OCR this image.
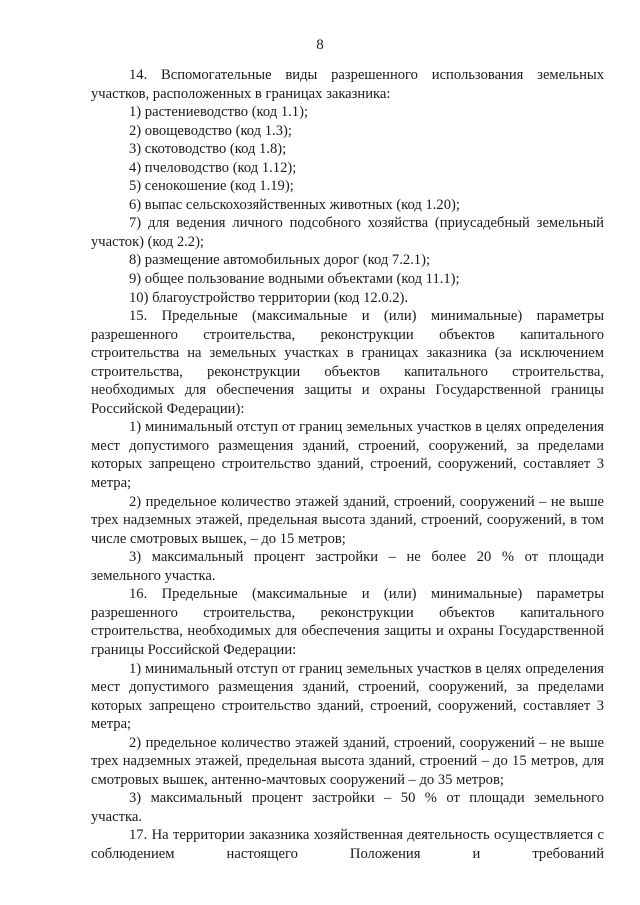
8

14. Вспомогательные виды разрешенного использования земельных участков, расположенных в границах заказника:

1) растениеводство (код 1.1);

2) овощеводство (код 1.3);

3) скотоводство (код 1.8);

4) пчеловодство (код 1.12);

5) сенокошение (код 1.19);

6) выпас сельскохозяйственных животных (код 1.20);

7) для ведения личного подсобного хозяйства (приусадебный земельный участок) (код 2.2);

8) размещение автомобильных дорог (код 7.2.1);

9) общее пользование водными объектами (код 11.1);

10) благоустройство территории (код 12.0.2).

15. Предельные (максимальные и (или) минимальные) параметры разрешенного строительства, реконструкции объектов капитального строительства на земельных участках в границах заказника (за исключением строительства, реконструкции объектов капитального строительства, необходимых для обеспечения защиты и охраны Государственной границы Российской Федерации):

1) минимальный отступ от границ земельных участков в целях определения мест допустимого размещения зданий, строений, сооружений, за пределами которых запрещено строительство зданий, строений, сооружений, составляет 3 метра;

2) предельное количество этажей зданий, строений, сооружений – не выше трех надземных этажей, предельная высота зданий, строений, сооружений, в том числе смотровых вышек, – до 15 метров;

3) максимальный процент застройки – не более 20 % от площади земельного участка.

16. Предельные (максимальные и (или) минимальные) параметры разрешенного строительства, реконструкции объектов капитального строительства, необходимых для обеспечения защиты и охраны Государственной границы Российской Федерации:

1) минимальный отступ от границ земельных участков в целях определения мест допустимого размещения зданий, строений, сооружений, за пределами которых запрещено строительство зданий, строений, сооружений, составляет 3 метра;

2) предельное количество этажей зданий, строений, сооружений – не выше трех надземных этажей, предельная высота зданий, строений – до 15 метров, для смотровых вышек, антенно-мачтовых сооружений – до 35 метров;

3) максимальный процент застройки – 50 % от площади земельного участка.

17. На территории заказника хозяйственная деятельность осуществляется с соблюдением настоящего Положения и требований
